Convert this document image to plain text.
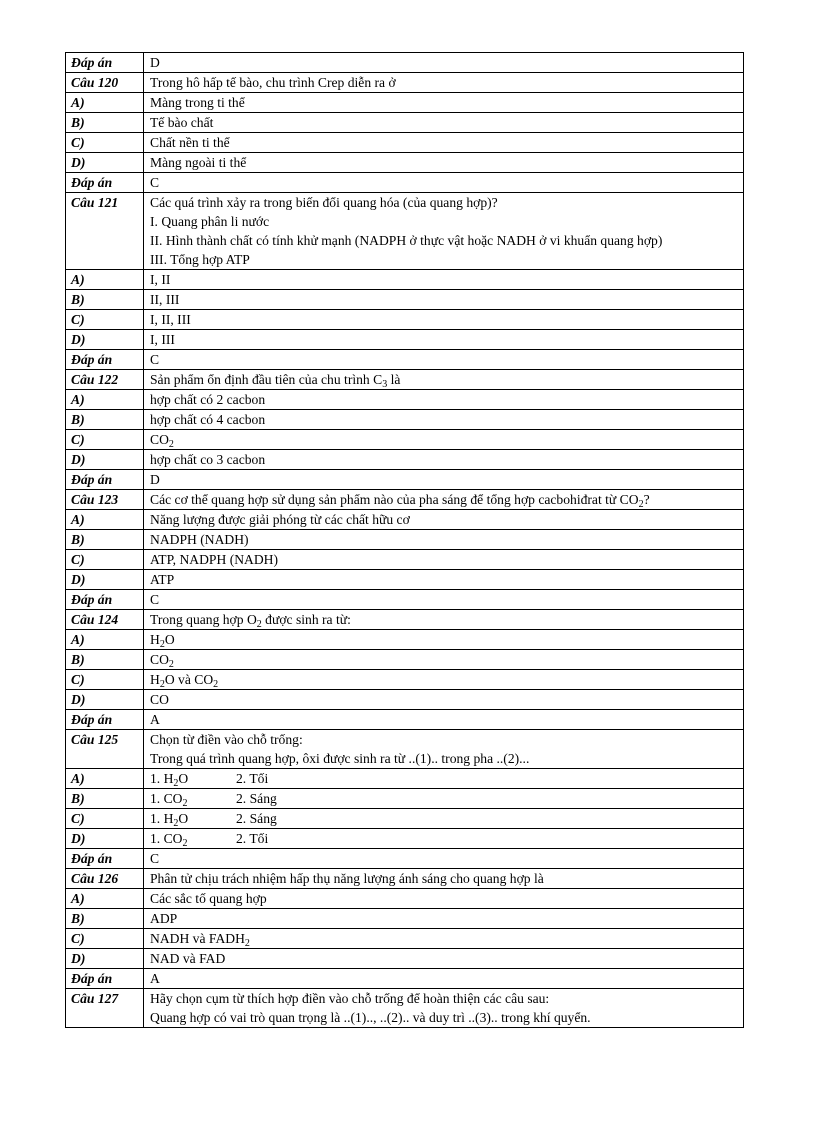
Đáp án	D

Câu 120	Trong hô hấp tế bào, chu trình Crep diễn ra ở

A)	Màng trong ti thể

B)	Tế bào chất

C)	Chất nền ti thể

D)	Màng ngoài ti thể

Đáp án	C

Câu 121	Các quá trình xảy ra trong biến đổi quang hóa (của quang hợp)?
I. Quang phân li nước
II. Hình thành chất có tính khử mạnh (NADPH ở thực vật hoặc NADH ở vi khuẩn quang hợp)
III. Tổng hợp ATP

A)	I, II

B)	II, III

C)	I, II, III

D)	I, III

Đáp án	C

Câu 122	Sản phẩm ổn định đầu tiên của chu trình $C_3$ là

A)	hợp chất có 2 cacbon

B)	hợp chất có 4 cacbon

C)	$CO_2$

D)	hợp chất co 3 cacbon

Đáp án	D

Câu 123	Các cơ thể quang hợp sử dụng sản phẩm nào của pha sáng để tổng hợp cacbohiđrat từ $CO_2$?

A)	Năng lượng được giải phóng từ các chất hữu cơ

B)	NADPH (NADH)

C)	ATP, NADPH (NADH)

D)	ATP

Đáp án	C

Câu 124	Trong quang hợp $O_2$ được sinh ra từ:

A)	$H_2O$

B)	$CO_2$

C)	$H_2O$ và $CO_2$

D)	CO

Đáp án	A

Câu 125	Chọn từ điền vào chỗ trống:
Trong quá trình quang hợp, ôxi được sinh ra từ ..(1).. trong pha ..(2)...

A)	1. $H_2O$ 2. Tối

B)	1. $CO_2$ 2. Sáng

C)	1. $H_2O$ 2. Sáng

D)	1. $CO_2$ 2. Tối

Đáp án	C

Câu 126	Phân tử chịu trách nhiệm hấp thụ năng lượng ánh sáng cho quang hợp là

A)	Các sắc tố quang hợp

B)	ADP

C)	NADH và $FADH_2$

D)	NAD và FAD

Đáp án	A

Câu 127	Hãy chọn cụm từ thích hợp điền vào chỗ trống để hoàn thiện các câu sau:
Quang hợp có vai trò quan trọng là ..(1).., ..(2).. và duy trì ..(3).. trong khí quyển.
